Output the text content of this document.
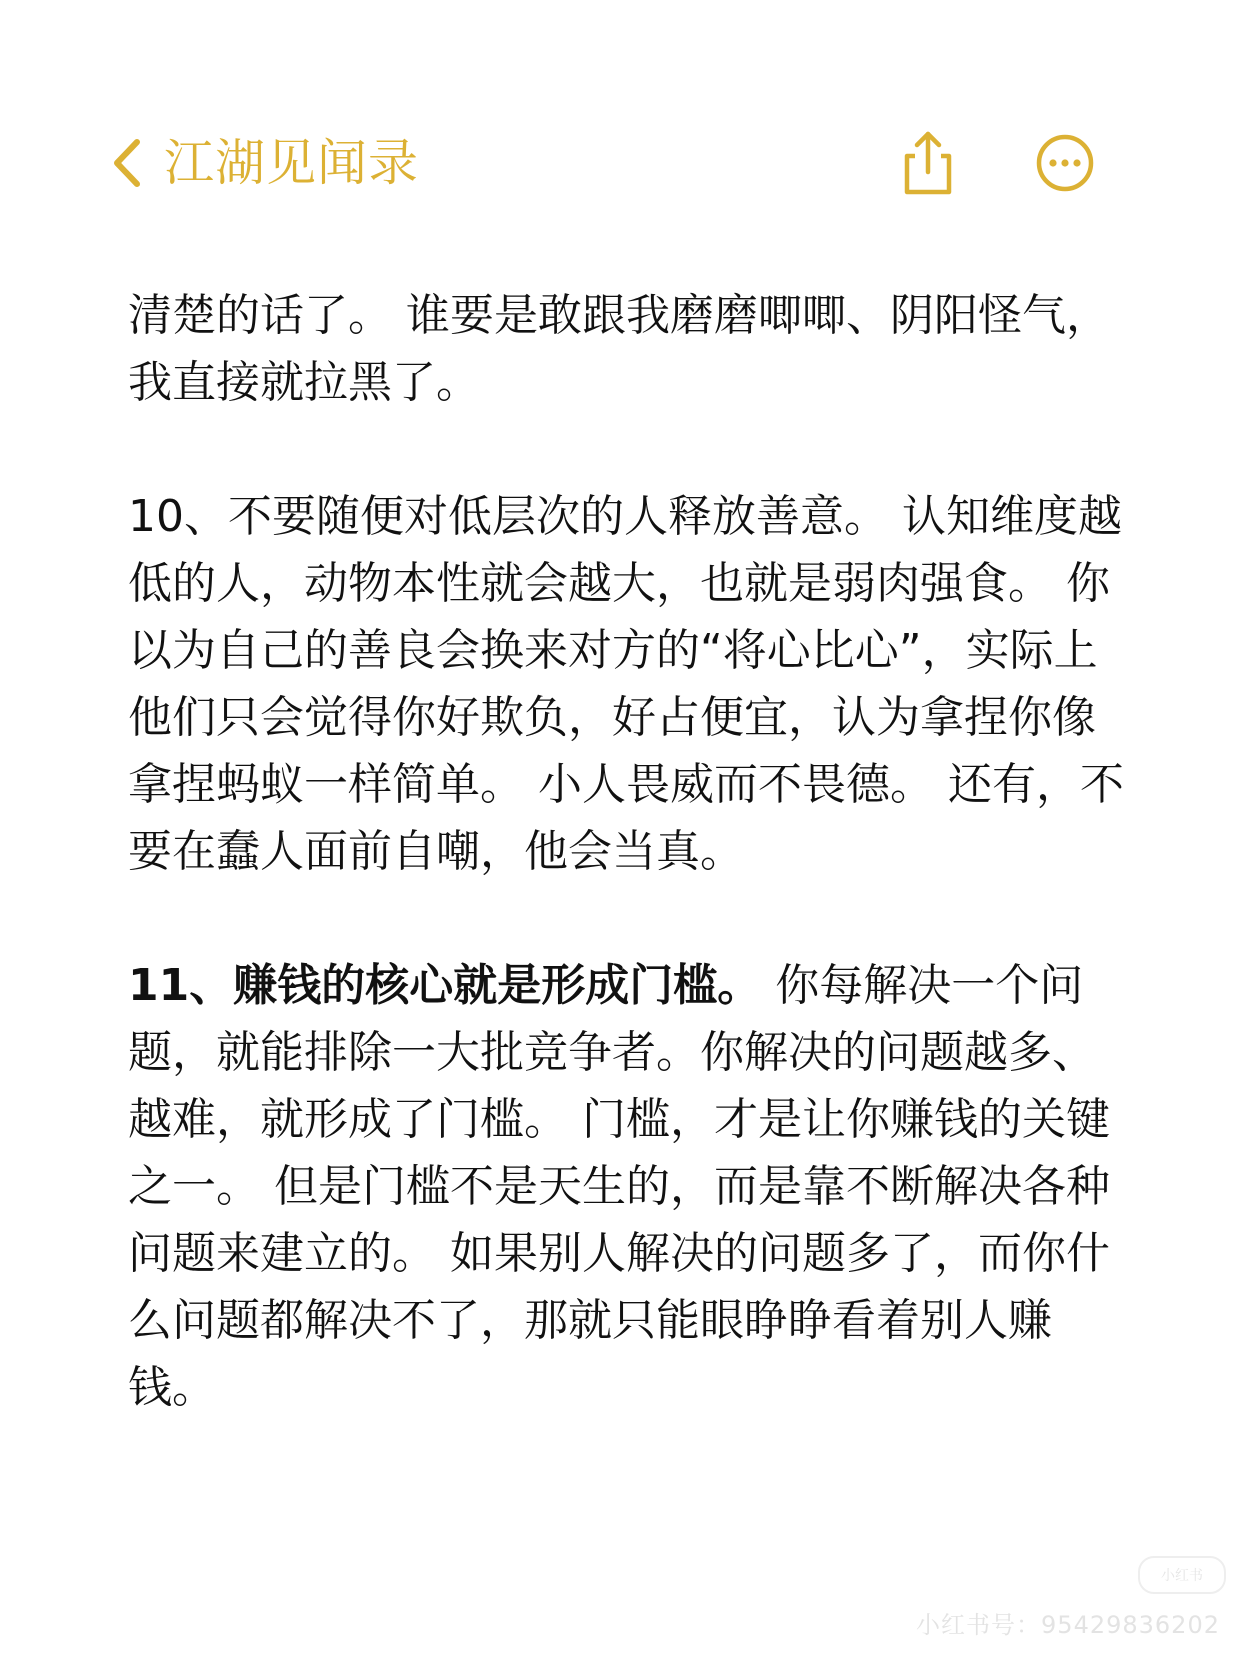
江湖见闻录

清楚的话了。 谁要是敢跟我磨磨唧唧、阴阳怪气，我直接就拉黑了。

10、不要随便对低层次的人释放善意。 认知维度越低的人，动物本性就会越大，也就是弱肉强食。 你以为自己的善良会换来对方的“将心比心”，实际上他们只会觉得你好欺负，好占便宜，认为拿捏你像拿捏蚂蚁一样简单。 小人畏威而不畏德。 还有，不要在蠢人面前自嘲，他会当真。

11、赚钱的核心就是形成门槛。 你每解决一个问题，就能排除一大批竞争者。你解决的问题越多、越难，就形成了门槛。 门槛，才是让你赚钱的关键之一。 但是门槛不是天生的，而是靠不断解决各种问题来建立的。 如果别人解决的问题多了，而你什么问题都解决不了，那就只能眼睁睁看着别人赚钱。

小红书
小红书号：95429836202
